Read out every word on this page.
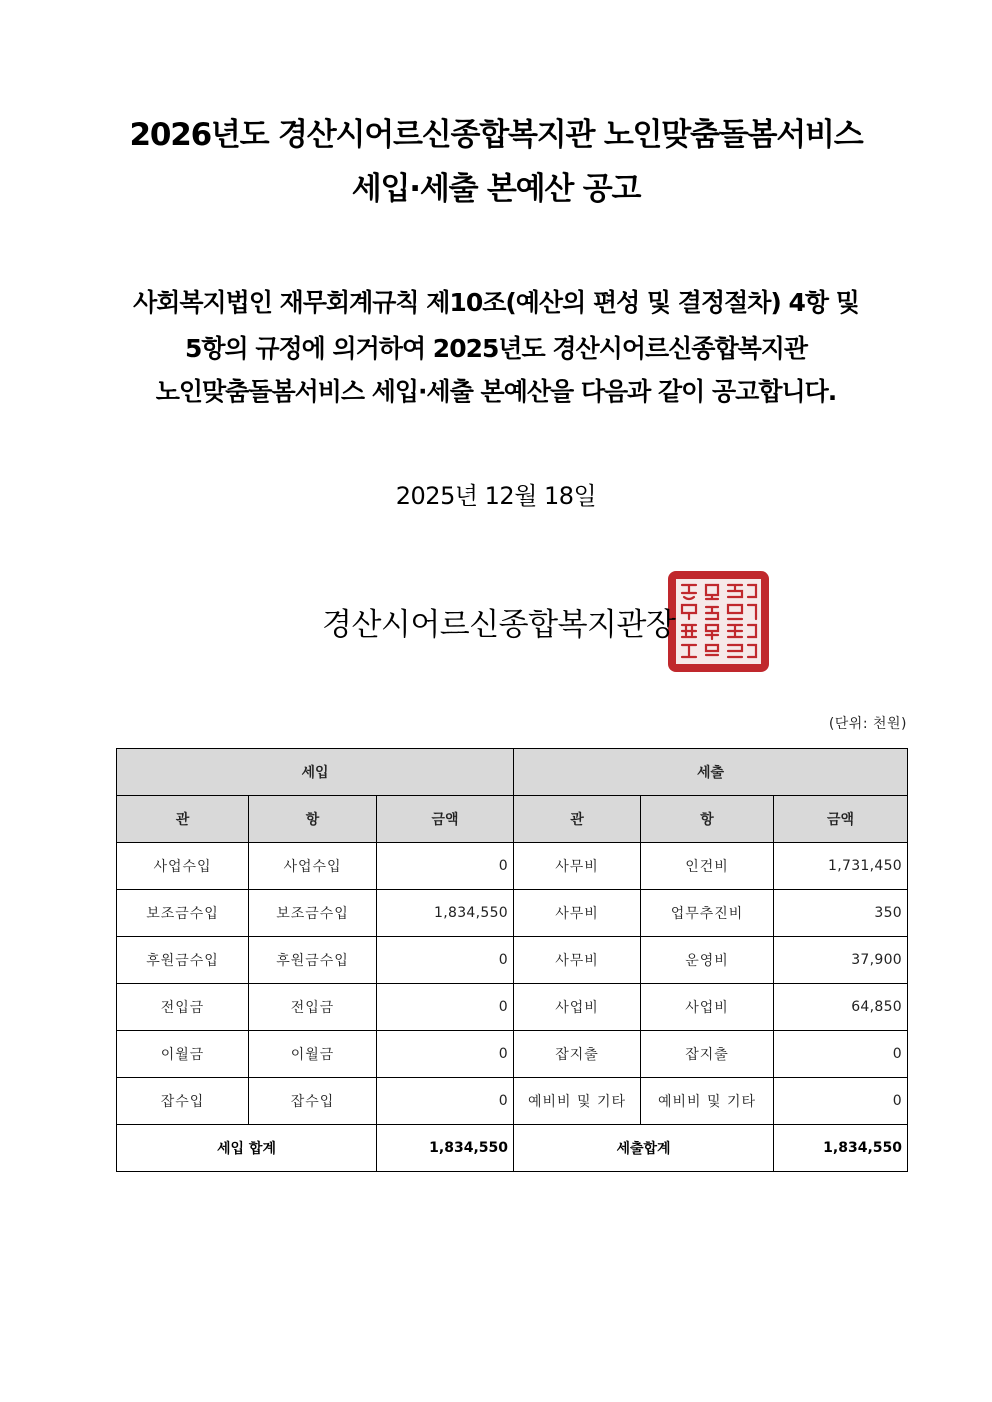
2026년도 경산시어르신종합복지관 노인맞춤돌봄서비스
세입·세출 본예산 공고
사회복지법인 재무회계규칙 제10조(예산의 편성 및 결정절차) 4항 및
5항의 규정에 의거하여 2025년도 경산시어르신종합복지관
노인맞춤돌봄서비스 세입·세출 본예산을 다음과 같이 공고합니다.
2025년 12월 18일
경산시어르신종합복지관장
(단위: 천원)
세입			세출		
관	항	금액	관	항	금액
사업수입	사업수입	0	사무비	인건비	1,731,450
보조금수입	보조금수입	1,834,550	사무비	업무추진비	350
후원금수입	후원금수입	0	사무비	운영비	37,900
전입금	전입금	0	사업비	사업비	64,850
이월금	이월금	0	잡지출	잡지출	0
잡수입	잡수입	0	예비비 및 기타	예비비 및 기타	0
세입 합계		1,834,550	세출합계		1,834,550
